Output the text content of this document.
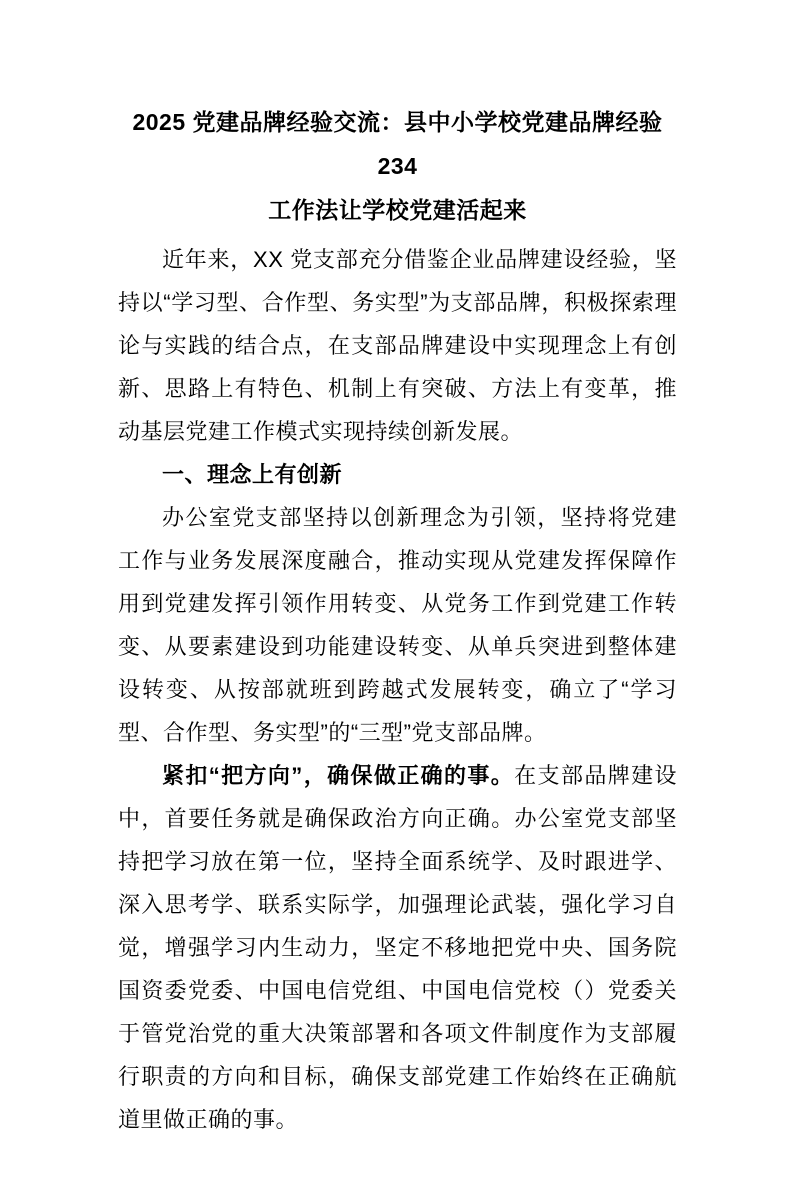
2025 党建品牌经验交流：县中小学校党建品牌经验 234
工作法让学校党建活起来

近年来，XX 党支部充分借鉴企业品牌建设经验，坚持以“学习型、合作型、务实型”为支部品牌，积极探索理论与实践的结合点，在支部品牌建设中实现理念上有创新、思路上有特色、机制上有突破、方法上有变革，推动基层党建工作模式实现持续创新发展。

一、理念上有创新

办公室党支部坚持以创新理念为引领，坚持将党建工作与业务发展深度融合，推动实现从党建发挥保障作用到党建发挥引领作用转变、从党务工作到党建工作转变、从要素建设到功能建设转变、从单兵突进到整体建设转变、从按部就班到跨越式发展转变，确立了“学习型、合作型、务实型”的“三型”党支部品牌。

紧扣“把方向”，确保做正确的事。在支部品牌建设中，首要任务就是确保政治方向正确。办公室党支部坚持把学习放在第一位，坚持全面系统学、及时跟进学、深入思考学、联系实际学，加强理论武装，强化学习自觉，增强学习内生动力，坚定不移地把党中央、国务院国资委党委、中国电信党组、中国电信党校（）党委关于管党治党的重大决策部署和各项文件制度作为支部履行职责的方向和目标，确保支部党建工作始终在正确航道里做正确的事。
